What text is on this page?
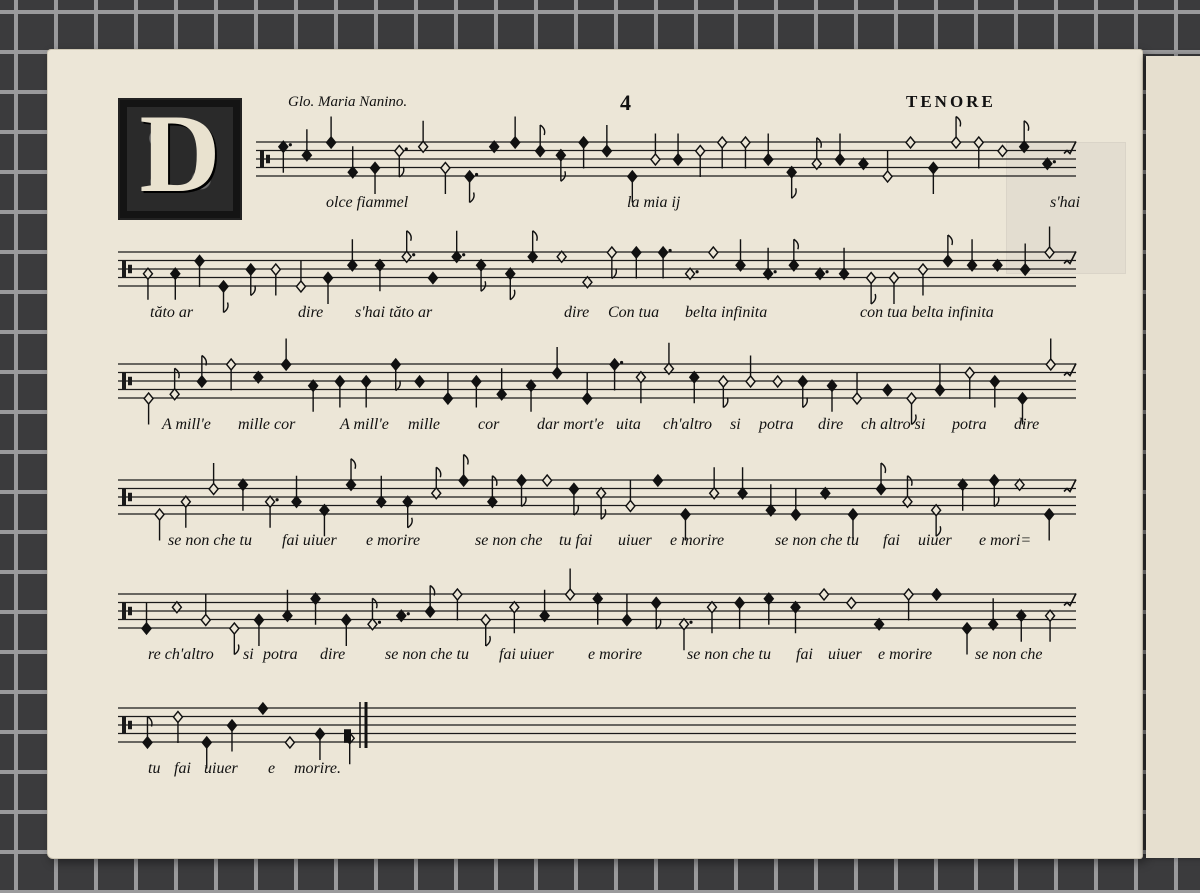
D	Glo. Maria Nanino.	4	TENORE
olce fiammel	la mia ij	s'hai
tăto ar	dire s'hai tăto ar	dire Con tua belta infinita	con tua belta infinita
A mill'e mille cor	A mill'e mille cor dar mort'e uita ch'altro si potra dire ch altro si potra dire
se non che tu fai uiuer e morire	se non che tu fai uiuer e morire	se non che tu fai uiuer e mori=
re ch'altro si potra dire se non che tu fai uiuer e morire	se non che tu fai uiuer e morire	se non che
tu fai uiuer e morire.
